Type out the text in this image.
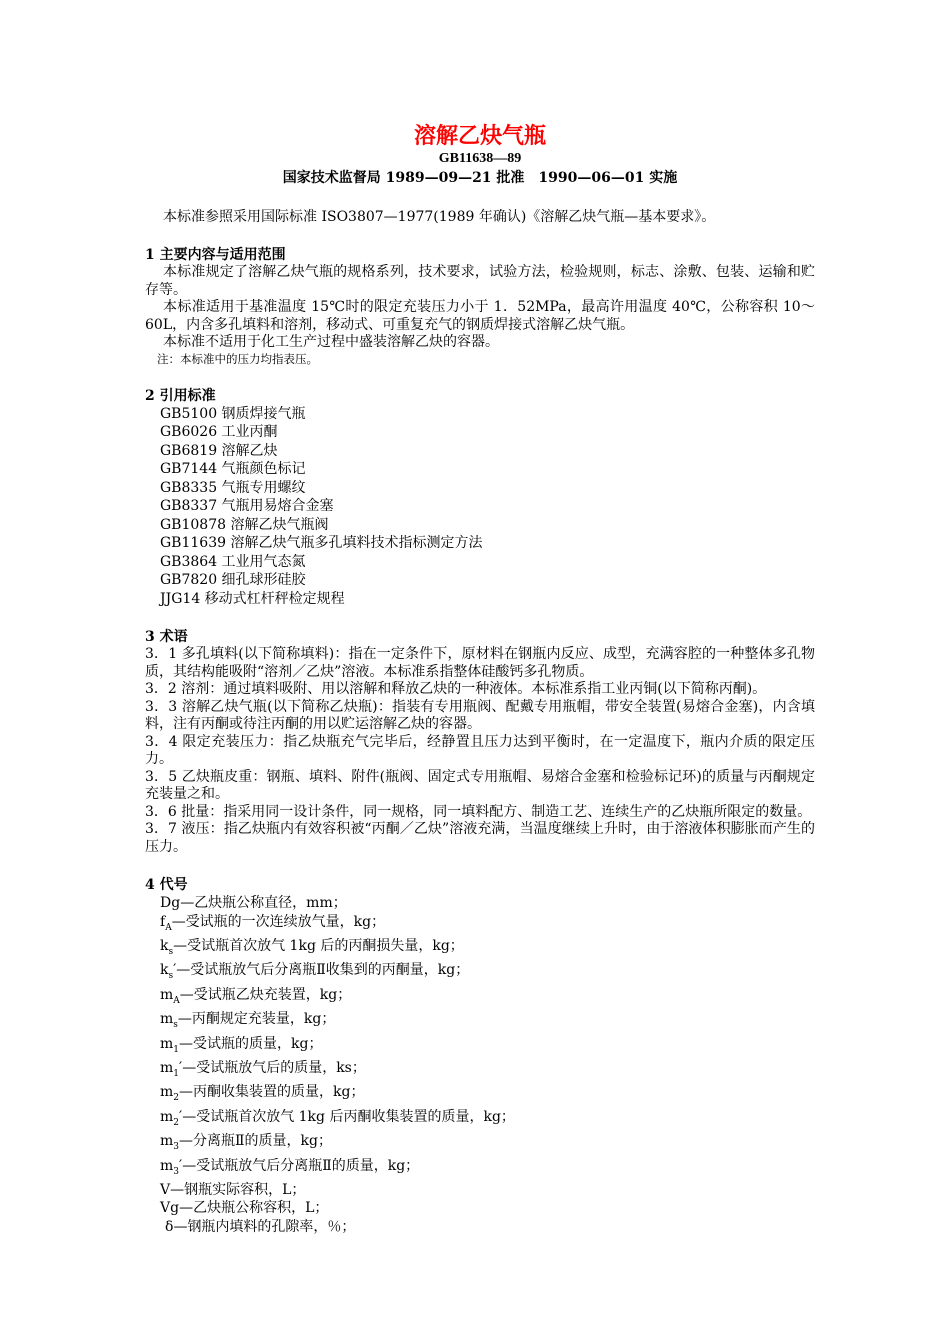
溶解乙炔气瓶
GB11638—89
国家技术监督局 1989—09—21 批准　1990—06—01 实施
本标准参照采用国际标准 ISO3807—1977(1989 年确认)《溶解乙炔气瓶—基本要求》。
1 主要内容与适用范围
本标准规定了溶解乙炔气瓶的规格系列，技术要求，试验方法，检验规则，标志、涂敷、包装、运输和贮存等。
本标准适用于基准温度 15℃时的限定充装压力小于 1．52MPa，最高许用温度 40℃，公称容积 10～60L，内含多孔填料和溶剂，移动式、可重复充气的钢质焊接式溶解乙炔气瓶。
本标准不适用于化工生产过程中盛装溶解乙炔的容器。
注：本标准中的压力均指表压。
2 引用标准
GB5100 钢质焊接气瓶
GB6026 工业丙酮
GB6819 溶解乙炔
GB7144 气瓶颜色标记
GB8335 气瓶专用螺纹
GB8337 气瓶用易熔合金塞
GB10878 溶解乙炔气瓶阀
GB11639 溶解乙炔气瓶多孔填料技术指标测定方法
GB3864 工业用气态氮
GB7820 细孔球形硅胶
JJG14 移动式杠杆秤检定规程
3 术语
3．1 多孔填料(以下简称填料)：指在一定条件下，原材料在钢瓶内反应、成型，充满容腔的一种整体多孔物质，其结构能吸附“溶剂／乙炔”溶液。本标准系指整体硅酸钙多孔物质。
3．2 溶剂：通过填料吸附、用以溶解和释放乙炔的一种液体。本标准系指工业丙铜(以下简称丙酮)。
3．3 溶解乙炔气瓶(以下简称乙炔瓶)：指装有专用瓶阀、配戴专用瓶帽，带安全装置(易熔合金塞)，内含填料，注有丙酮或待注丙酮的用以贮运溶解乙炔的容器。
3．4 限定充装压力：指乙炔瓶充气完毕后，经静置且压力达到平衡时，在一定温度下，瓶内介质的限定压力。
3．5 乙炔瓶皮重：钢瓶、填料、附件(瓶阀、固定式专用瓶帽、易熔合金塞和检验标记环)的质量与丙酮规定充装量之和。
3．6 批量：指采用同一设计条件，同一规格，同一填料配方、制造工艺、连续生产的乙炔瓶所限定的数量。
3．7 液压：指乙炔瓶内有效容积被“丙酮／乙炔”溶液充满，当温度继续上升时，由于溶液体积膨胀而产生的压力。
4 代号
Dg—乙炔瓶公称直径，mm；
$f_A—$受试瓶的一次连续放气量，kg；
$k_s—$受试瓶首次放气 1kg 后的丙酮损失量，kg；
$k_s'—$受试瓶放气后分离瓶Ⅱ收集到的丙酮量，kg；
$m_A—$受试瓶乙炔充装置，kg；
$m_s—$丙酮规定充装量，kg；
$m_1—$受试瓶的质量，kg；
$m_1'—$受试瓶放气后的质量，ks；
$m_2—$丙酮收集装置的质量，kg；
$m_2'—$受试瓶首次放气 1kg 后丙酮收集装置的质量，kg；
$m_3—$分离瓶Ⅱ的质量，kg；
$m_3'—$受试瓶放气后分离瓶Ⅱ的质量，kg；
V—钢瓶实际容积，L；
Vg—乙炔瓶公称容积，L；
δ—钢瓶内填料的孔隙率，％；
